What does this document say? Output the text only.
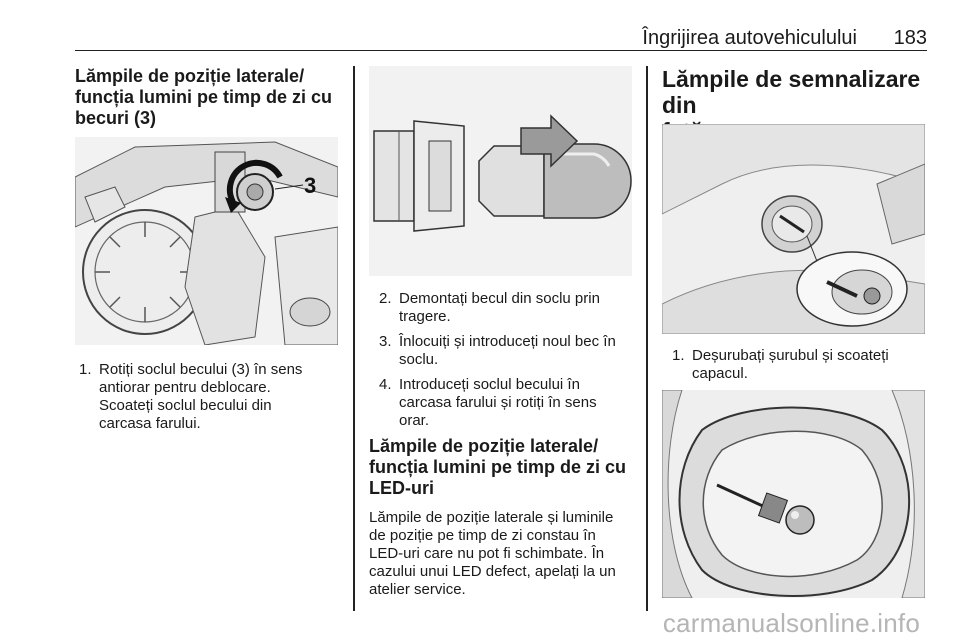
Îngrijirea autovehiculului 183
Lămpile de poziție laterale/
funcția lumini pe timp de zi cu
becuri (3)
3
1. Rotiți soclul becului (3) în sens
antiorar pentru deblocare.
Scoateți soclul becului din
carcasa farului.
2. Demontați becul din soclu prin
tragere.
3. Înlocuiți și introduceți noul bec în
soclu.
4. Introduceți soclul becului în
carcasa farului și rotiți în sens
orar.
Lămpile de poziție laterale/
funcția lumini pe timp de zi cu
LED-uri

Lămpile de poziție laterale și luminile
de poziție pe timp de zi constau în
LED-uri care nu pot fi schimbate. În
cazului unui LED defect, apelați la un
atelier service.

Lămpile de semnalizare din
1. Deșurubați șurubul și scoateți
capacul.
carmanualsonline.info
